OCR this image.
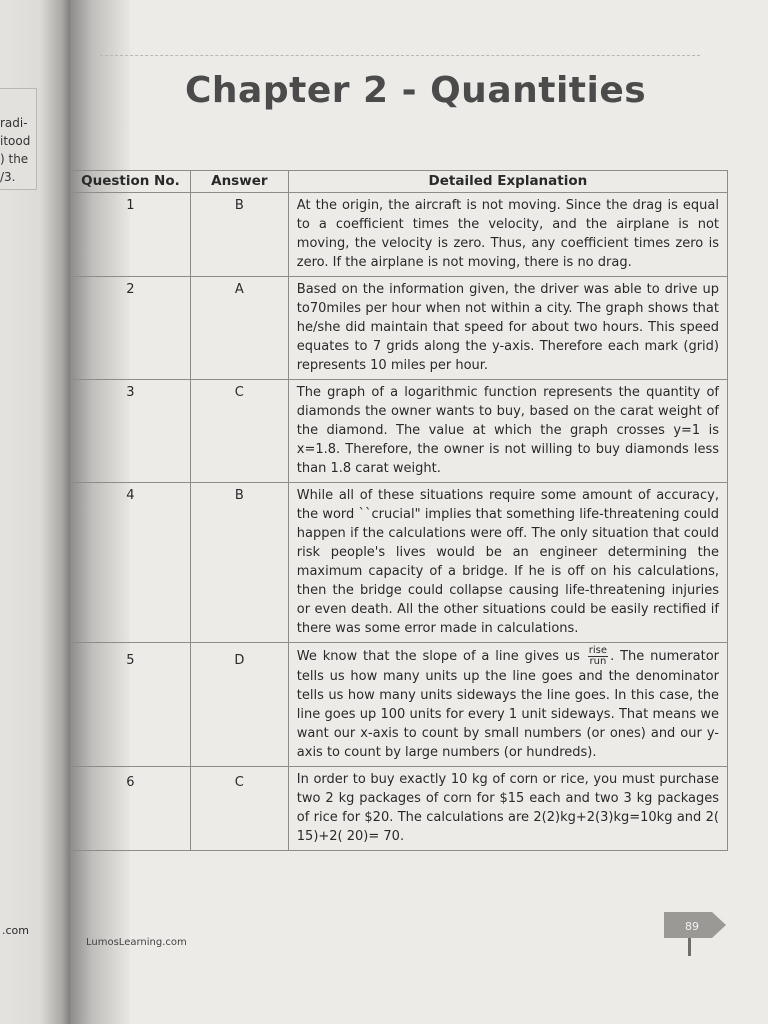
radi-
itood
) the
/3.
.com
Chapter 2 - Quantities
Question No.	Answer	Detailed Explanation
1	B	At the origin, the aircraft is not moving. Since the drag is equal to a coefficient times the velocity, and the airplane is not moving, the velocity is zero. Thus, any coefficient times zero is zero. If the airplane is not moving, there is no drag.
2	A	Based on the information given, the driver was able to drive up to70miles per hour when not within a city. The graph shows that he/she did maintain that speed for about two hours. This speed equates to 7 grids along the y-axis. Therefore each mark (grid) represents 10 miles per hour.
3	C	The graph of a logarithmic function represents the quantity of diamonds the owner wants to buy, based on the carat weight of the diamond. The value at which the graph crosses y=1 is x=1.8. Therefore, the owner is not willing to buy diamonds less than 1.8 carat weight.
4	B	While all of these situations require some amount of accuracy, the word ``crucial" implies that something life-threatening could happen if the calculations were off. The only situation that could risk people's lives would be an engineer determining the maximum capacity of a bridge. If he is off on his calculations, then the bridge could collapse causing life-threatening injuries or even death. All the other situations could be easily rectified if there was some error made in calculations.
5	D	We know that the slope of a line gives us $\frac{\text{rise}}{\text{run}}$ . The numerator tells us how many units up the line goes and the denominator tells us how many units sideways the line goes. In this case, the line goes up 100 units for every 1 unit sideways. That means we want our x-axis to count by small numbers (or ones) and our y-axis to count by large numbers (or hundreds).
6	C	In order to buy exactly 10 kg of corn or rice, you must purchase two 2 kg packages of corn for $15 each and two 3 kg packages of rice for $20. The calculations are 2(2)kg+2(3)kg=10kg and 2( 15)+2( 20)= 70.
LumosLearning.com
89
